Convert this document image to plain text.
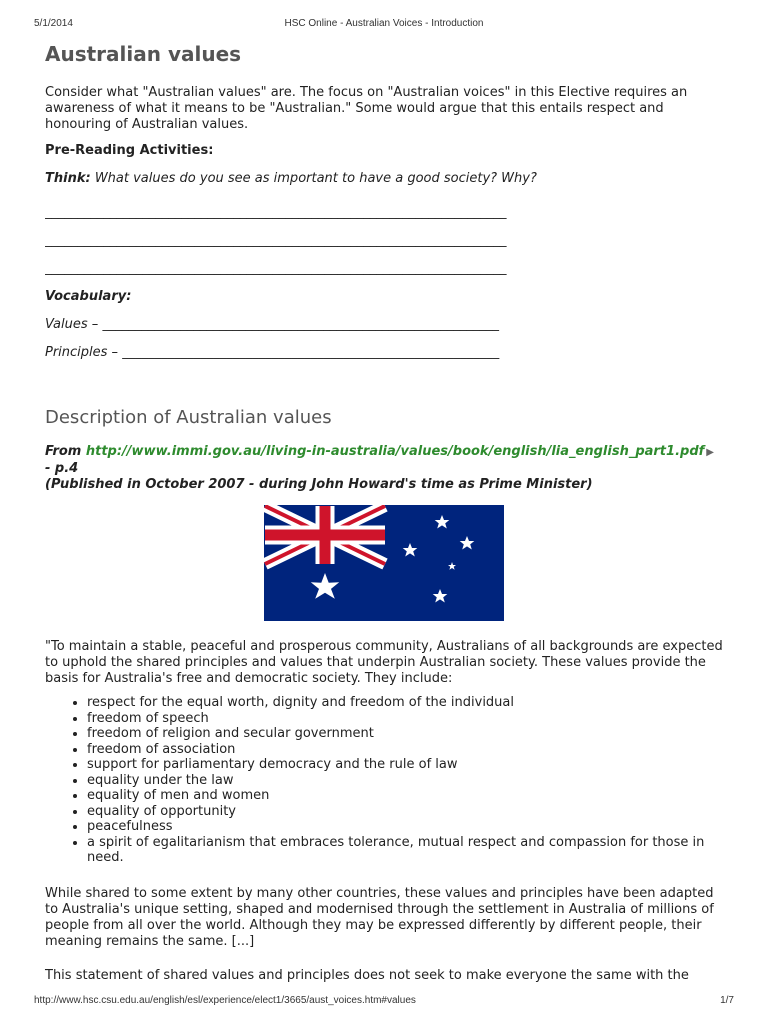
5/1/2014	HSC Online - Australian Voices - Introduction
Australian values

Consider what "Australian values" are. The focus on "Australian voices" in this Elective requires an awareness of what it means to be "Australian." Some would argue that this entails respect and honouring of Australian values.

Pre-Reading Activities:

Think: What values do you see as important to have a good society? Why?

_______________________________________________________________________
_______________________________________________________________________
_______________________________________________________________________

Vocabulary:

Values – _____________________________________________________________

Principles – __________________________________________________________

Description of Australian values

From http://www.immi.gov.au/living-in-australia/values/book/english/lia_english_part1.pdf ▶ - p.4
(Published in October 2007 - during John Howard's time as Prime Minister)

"To maintain a stable, peaceful and prosperous community, Australians of all backgrounds are expected to uphold the shared principles and values that underpin Australian society. These values provide the basis for Australia's free and democratic society. They include:

• respect for the equal worth, dignity and freedom of the individual
• freedom of speech
• freedom of religion and secular government
• freedom of association
• support for parliamentary democracy and the rule of law
• equality under the law
• equality of men and women
• equality of opportunity
• peacefulness
• a spirit of egalitarianism that embraces tolerance, mutual respect and compassion for those in need.

While shared to some extent by many other countries, these values and principles have been adapted to Australia's unique setting, shaped and modernised through the settlement in Australia of millions of people from all over the world. Although they may be expressed differently by different people, their meaning remains the same. [...]

This statement of shared values and principles does not seek to make everyone the same with the

http://www.hsc.csu.edu.au/english/esl/experience/elect1/3665/aust_voices.htm#values	1/7
